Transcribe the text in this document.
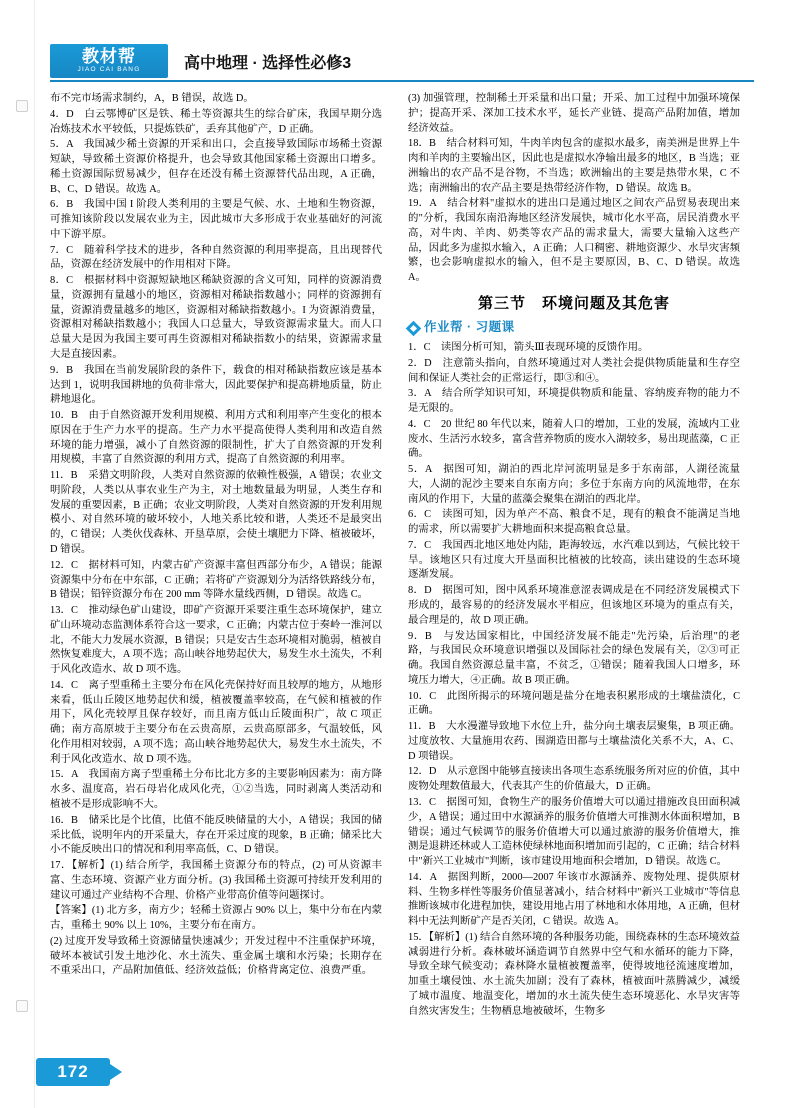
教材帮
JIAO CAI BANG	高中地理 · 选择性必修3

布不完市场需求制约，A，B 错误，故选 D。

4．D　白云鄂博矿区是铁、稀土等资源共生的综合矿床，我国早期分选冶炼技术水平较低，只提炼铁矿，丢弃其他矿产，D 正确。

5．A　我国减少稀土资源的开采和出口，会直接导致国际市场稀土资源短缺，导致稀土资源价格提升，也会导致其他国家稀土资源出口增多。稀土资源国际贸易减少，但存在还没有稀土资源替代品出现，A 正确，B、C、D 错误。故选 A。

6．B　我国中国 I 阶段人类利用的主要是气候、水、土地和生物资源，可推知该阶段以发展农业为主，因此城市大多形成于农业基础好的河流中下游平原。

7．C　随着科学技术的进步，各种自然资源的利用率提高，且出现替代品，资源在经济发展中的作用相对下降。

8．C　根据材料中资源短缺地区稀缺资源的含义可知，同样的资源消费量，资源拥有量越小的地区，资源相对稀缺指数越小；同样的资源拥有量，资源消费量越多的地区，资源相对稀缺指数越小。I 为资源消费量，资源相对稀缺指数越小；我国人口总量大，导致资源需求量大。而人口总量大是因为我国主要可再生资源相对稀缺指数小的结果，资源需求量大是直接因素。

9．B　我国在当前发展阶段的条件下，载食的相对稀缺指数应该是基本达到 1，说明我国耕地的负荷非常大，因此要保护和提高耕地质量，防止耕地退化。

10．B　由于自然资源开发利用规模、利用方式和利用率产生变化的根本原因在于生产力水平的提高。生产力水平提高使得人类利用和改造自然环境的能力增强，减小了自然资源的限制性，扩大了自然资源的开发利用规模，丰富了自然资源的利用方式，提高了自然资源的利用率。

11．B　采猎文明阶段，人类对自然资源的依赖性极强，A 错误；农业文明阶段，人类以从事农业生产为主，对土地数量最为明显，人类生存和发展的重要因素，B 正确；农业文明阶段，人类对自然资源的开发利用规模小、对自然环境的破坏较小，人地关系比较和谐，人类还不是最突出的，C 错误；人类伙伐森林、开垦草原，会使土壤肥力下降、植被破坏，D 错误。

12．C　据材料可知，内蒙古矿产资源丰富但西部分布少，A 错误；能源资源集中分布在中东部，C 正确；若将矿产资源划分为活络铁路线分布，B 错误；铅锌资源分布在 200 mm 等降水量线西侧，D 错误。故选 C。

13．C　推动绿色矿山建设，即矿产资源开采要注重生态环境保护，建立矿山环境动态监测体系符合这一要求，C 正确；内蒙古位于奏岭一淮河以北，不能大力发展水资源，B 错误；只是安古生态环境相对脆弱，植被自然恢复难度大，A 项不选；高山峡谷地势起伏大，易发生水土流失，不利于风化改造水、故 D 项不选。

14．C　离子型重稀土主要分布在风化壳保持好而且较厚的地方，从地形来看，低山丘陵区地势起伏和缓，植被覆盖率较高，在气候和植被的作用下，风化壳较厚且保存较好，而且南方低山丘陵面积广，故 C 项正确；南方高原坡于主要分布在云贵高原，云贵高原部多，气温较低，风化作用相对较弱，A 项不选；高山峡谷地势起伏大，易发生水土流失，不利于风化改造水、故 D 项不选。

15．A　我国南方离子型重稀土分布比北方多的主要影响因素为：南方降水多、温度高，岩石母岩化成风化壳，①②当选，同时剥离人类活动和植被不是形成影响不大。

16．B　储采比是个比值，比值不能反映储量的大小，A 错误；我国的储采比低，说明年内的开采量大，存在开采过度的现象，B 正确；储采比大小不能反映出口的情况和利用率高低，C、D 错误。

17．【解析】(1) 结合所学，我国稀土资源分布的特点，(2) 可从资源丰富、生态环境、资源产业方面分析。(3) 我国稀土资源可持续开发利用的建议可通过产业结构不合理、价格产业带高价值等问题探讨。

【答案】(1) 北方多，南方少；轻稀土资源占 90% 以上，集中分布在内蒙古，重稀土 90% 以上 10%，主要分布在南方。

(2) 过度开发导致稀土资源储量快速减少；开发过程中不注重保护环境，破坏本被试引发土地沙化、水土流失、重金属土壤和水污染；长期存在不重采出口，产品附加值低、经济效益低；价格背离定位、浪费严重。

(3) 加强管理，控制稀土开采量和出口量；开采、加工过程中加强环境保护；提高开采、深加工技术水平，延长产业链、提高产品附加值，增加经济效益。

18．B　结合材料可知，牛肉羊肉包含的虚拟水最多，南美洲是世界上牛肉和羊肉的主要输出区，因此也是虚拟水净输出最多的地区，B 当选；亚洲输出的农产品不是谷物，不当选；欧洲输出的主要是热带水果，C 不选；南洲输出的农产品主要是热带经济作物，D 错误。故选 B。

19．A　结合材料"虚拟水的进出口是通过地区之间农产品贸易表现出来的"分析，我国东南沿海地区经济发展快，城市化水平高，居民消费水平高，对牛肉、羊肉、奶类等农产品的需求量大，需要大量输入这些产品，因此多为虚拟水输入，A 正确；人口稠密、耕地资源少、水旱灾害频繁，也会影响虚拟水的输入，但不是主要原因，B、C、D 错误。故选 A。

第三节　环境问题及其危害
作业帮 · 习题课

1．C　读图分析可知，箭头Ⅲ表现环境的反馈作用。

2．D　注意箭头指向，自然环境通过对人类社会提供物质能量和生存空间和保证人类社会的正常运行，即③和④。

3．A　结合所学知识可知，环境提供物质和能量、容纳废弃物的能力不是无限的。

4．C　20 世纪 80 年代以来，随着人口的增加，工业的发展，流域内工业废水、生活污水较多，富含营养物质的废水入湖较多，易出现蓝藻，C 正确。

5．A　据图可知，湖泊的西北岸河流明显是多于东南部，人湖径流量大，人湖的泥沙主要来自东南方向；多位于东南方向的风流地带，在东南风的作用下，大量的蓝藻会聚集在湖泊的西北岸。

6．C　读图可知，因为单产不高、粮食不足，现有的粮食不能满足当地的需求，所以需要扩大耕地面积来提高粮食总量。

7．C　我国西北地区地处内陆，距海较远，水汽难以到达，气候比较干旱。该地区只有过度大开垦面积比植被的比较高，读出建设的生态环境逐渐发展。

8．D　据图可知，图中风系环境准意涩表调成是在不同经济发展模式下形成的，最容易的的经济发展水平相应，但该地区环境为的重点有关，最合理是的，故 D 项正确。

9．B　与发达国家相比，中国经济发展不能走"先污染，后治理"的老路，与我国民众环境意识增强以及国际社会的绿色发展有关，②③可正确。我国自然资源总量丰富，不贫乏，①错误；随着我国人口增多，环境压力增大，④正确。故 B 项正确。

10．C　此图所揭示的环境问题是盐分在地表积累形成的土壤盐渍化，C 正确。

11．B　大水漫灌导致地下水位上升，盐分向土壤表层聚集，B 项正确。过度放牧、大量施用农药、围湖造田都与土壤盐渍化关系不大，A、C、D 项错误。

12．D　从示意图中能够直接读出各项生态系统服务所对应的价值，其中废物处理数值最大，代表其产生的价值最大，D 正确。

13．C　据图可知，食物生产的服务价值增大可以通过措施改良田面积减少，A 错误；通过田中水源涵养的服务价值增大可推测水体面积增加，B 错误；通过气候调节的服务价值增大可以通过旅游的服务价值增大，推测是退耕还林或人工造林使绿林地面积增加而引起的，C 正确；结合材料中"新兴工业城市"判断，该市建设用地面积会增加，D 错误。故选 C。

14．A　据图判断，2000—2007 年该市水源涵养、废物处理、提供原材料、生物多样性等服务价值显著减小，结合材料中"新兴工业城市"等信息推断该城市化进程加快，建设用地占用了林地和水体用地，A 正确，但材料中无法判断矿产是否关闭，C 错误。故选 A。

15．【解析】(1) 结合自然环境的各种服务功能，围绕森林的生态环境效益减弱进行分析。森林破坏涵造调节自然界中空气和水循环的能力下降，导致全球气候变动；森林降水量植被覆盖率，使得坡地径流速度增加，加重土壤侵蚀、水土流失加剧；没有了森林，植被面叶蒸腾减少，减缓了城市温度、地温变化，增加的水土流失使生态环境恶化、水旱灾害等自然灾害发生；生物栖息地被破坏，生物多

172
